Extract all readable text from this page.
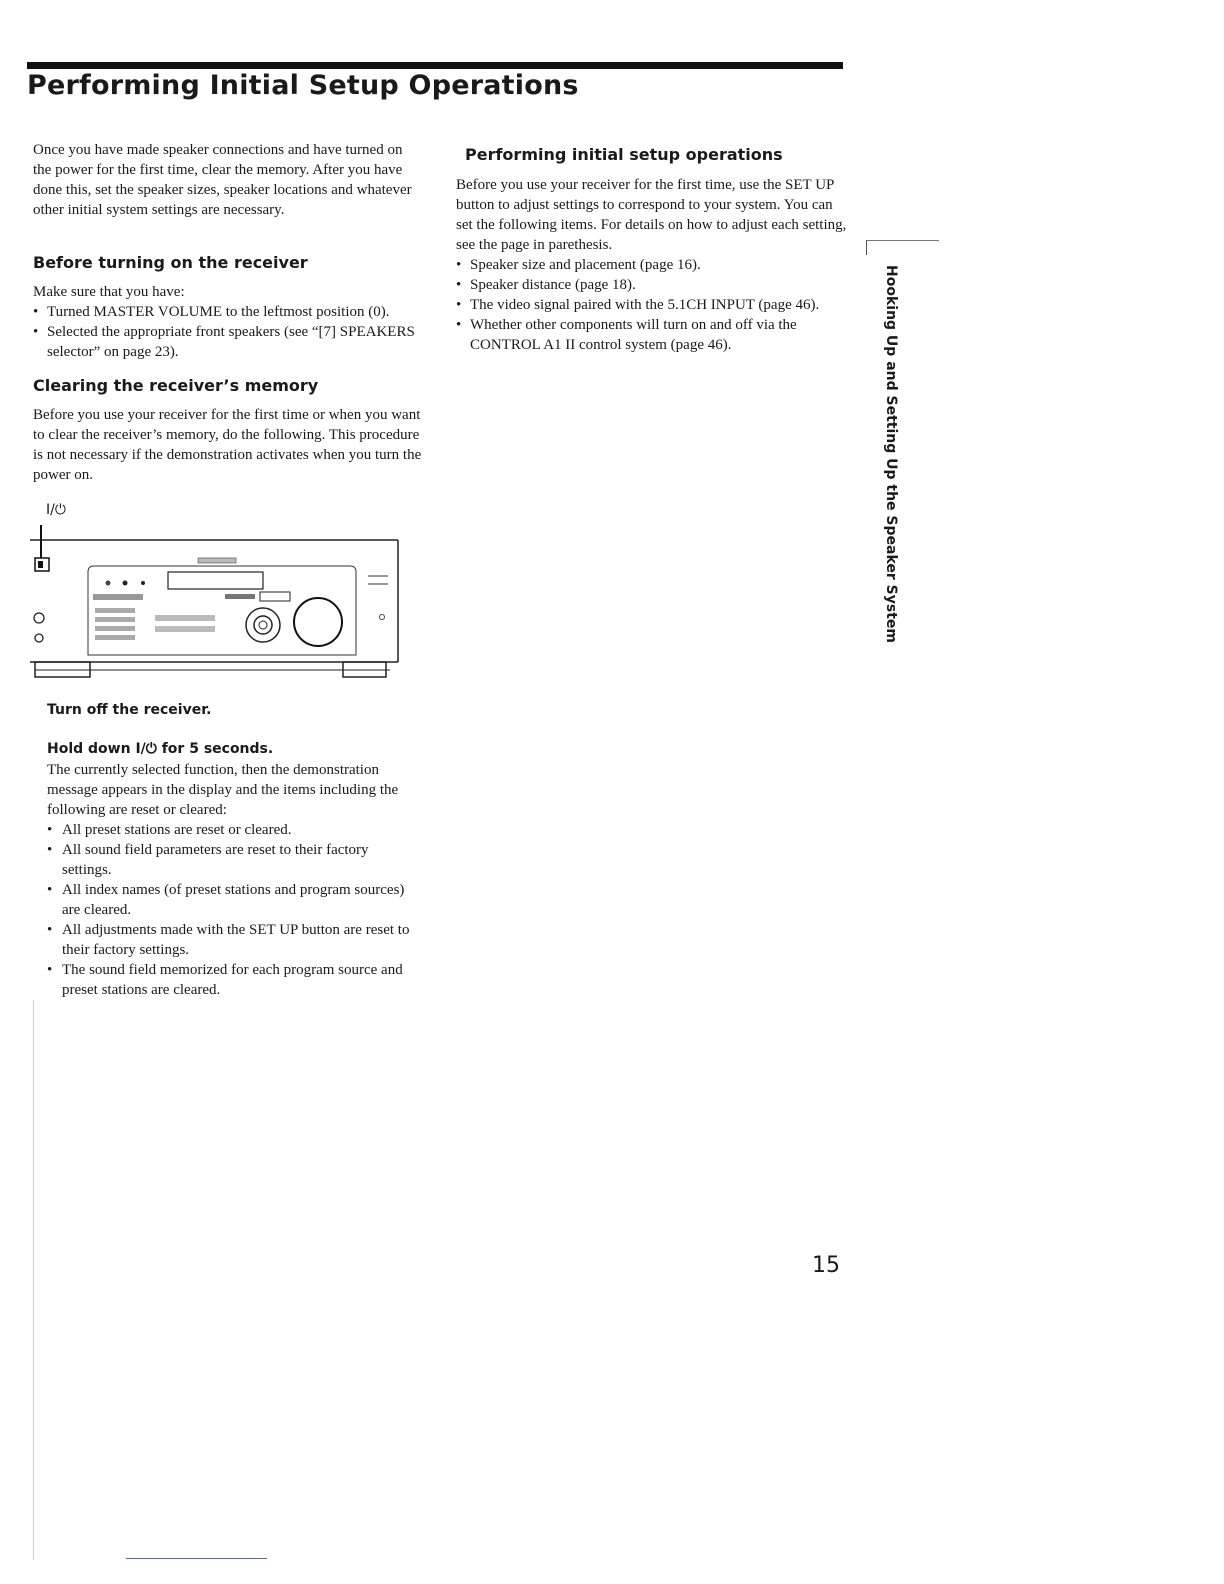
Performing Initial Setup Operations

Once you have made speaker connections and have turned on the power for the first time, clear the memory. After you have done this, set the speaker sizes, speaker locations and whatever other initial system settings are necessary.

Before turning on the receiver

Make sure that you have:

• Turned MASTER VOLUME to the leftmost position (0).
• Selected the appropriate front speakers (see “[7] SPEAKERS selector” on page 23).
Clearing the receiver’s memory

Before you use your receiver for the first time or when you want to clear the receiver’s memory, do the following. This procedure is not necessary if the demonstration activates when you turn the power on.

I/⏻

Turn off the receiver.

Hold down I/⏻ for 5 seconds.

The currently selected function, then the demonstration message appears in the display and the items including the following are reset or cleared:

• All preset stations are reset or cleared.
• All sound field parameters are reset to their factory settings.
• All index names (of preset stations and program sources) are cleared.
• All adjustments made with the SET UP button are reset to their factory settings.
• The sound field memorized for each program source and preset stations are cleared.
Performing initial setup operations

Before you use your receiver for the first time, use the SET UP button to adjust settings to correspond to your system. You can set the following items. For details on how to adjust each setting, see the page in parethesis.

• Speaker size and placement (page 16).
• Speaker distance (page 18).
• The video signal paired with the 5.1CH INPUT (page 46).
• Whether other components will turn on and off via the CONTROL A1 II control system (page 46).	Hooking Up and Setting Up the Speaker System

15
